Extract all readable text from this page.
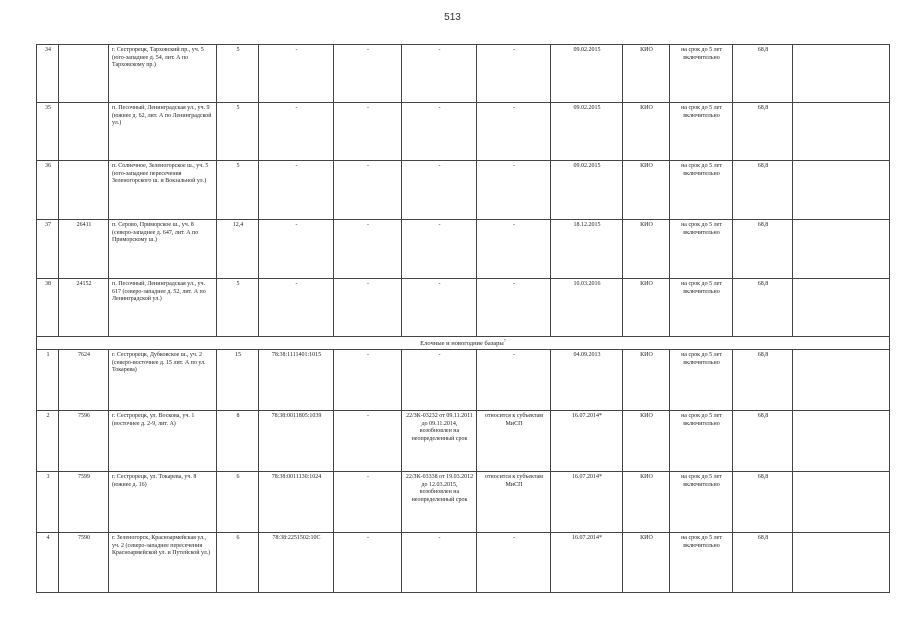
513
34		г. Сестрорецк, Тарховский пр., уч. 5 (юго-западнее д. 54, лит. А по Тарховскому пр.)	5	-	-	-	-	09.02.2015	КИО	на срок до 5 лет включительно	68,8	
35		п. Песочный, Ленинградская ул., уч. 9 (южнее д. 62, лит. А по Ленинградской ул.)	5	-	-	-	-	09.02.2015	КИО	на срок до 5 лет включительно	68,8	
36		п. Солнечное, Зеленогорское ш., уч. 5 (юго-западнее пересечения Зеленогорского ш. и Вокзальной ул.)	5	-	-	-	-	09.02.2015	КИО	на срок до 5 лет включительно	68,8	
37	26411	п. Серово, Приморское ш., уч. 8 (северо-западнее д. 647, лит. А по Приморскому ш.)	12,4	-	-	-	-	18.12.2015	КИО	на срок до 5 лет включительно	68,8	
38	24152	п. Песочный, Ленинградская ул., уч. 617 (северо-западнее д. 52, лит. А по Ленинградской ул.)	5	-	-	-	-	10.03.2016	КИО	на срок до 5 лет включительно	68,8	
Елочные и новогодние базары$^7$
1	7624	г. Сестрорецк, Дубковское ш., уч. 2 (северо-восточнее д. 15 лит. А по ул. Токарева)	15	78:38:1111401:1015	-	-	-	04.09.2013	КИО	на срок до 5 лет включительно	68,8	
2	7596	г. Сестрорецк, ул. Воскова, уч. 1 (восточнее д. 2-9, лит. А)	8	78:38:0011805:1039	-	22/ЗК-03232 от 09.11.2011 до 09.11.2014, возобновлен на неопределенный срок	относится к субъектам МиСП	16.07.2014*	КИО	на срок до 5 лет включительно	68,8	
3	7599	г. Сестрорецк, ул. Токарева, уч. 8 (южнее д. 16)	6	78:38:0011130:1024	-	22/ЗК-03338 от 19.03.2012 до 12.03.2015, возобновлен на неопределенный срок	относится к субъектам МиСП	16.07.2014*	КИО	на срок до 5 лет включительно	68,8	
4	7590	г. Зеленогорск, Красноармейская ул., уч. 2 (северо-западнее пересечения Красноармейской ул. и Путейской ул.)	6	78:38:2251502:10С	-	-	-	16.07.2014*	КИО	на срок до 5 лет включительно	68,8	
